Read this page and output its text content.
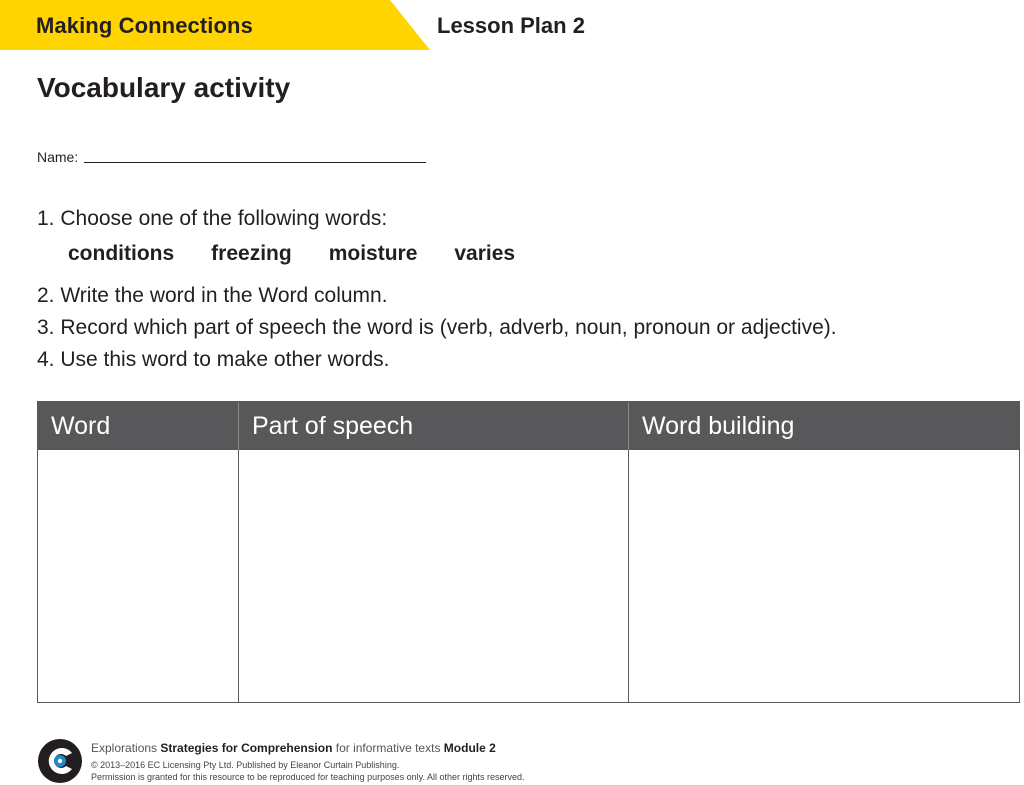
Making Connections	Lesson Plan 2
Vocabulary activity
Name:
1. Choose one of the following words:
conditions freezing moisture varies
2. Write the word in the Word column.
3. Record which part of speech the word is (verb, adverb, noun, pronoun or adjective).
4. Use this word to make other words.
Word	Part of speech	Word building
Explorations Strategies for Comprehension for informative texts Module 2
© 2013–2016 EC Licensing Pty Ltd. Published by Eleanor Curtain Publishing.
Permission is granted for this resource to be reproduced for teaching purposes only. All other rights reserved.
